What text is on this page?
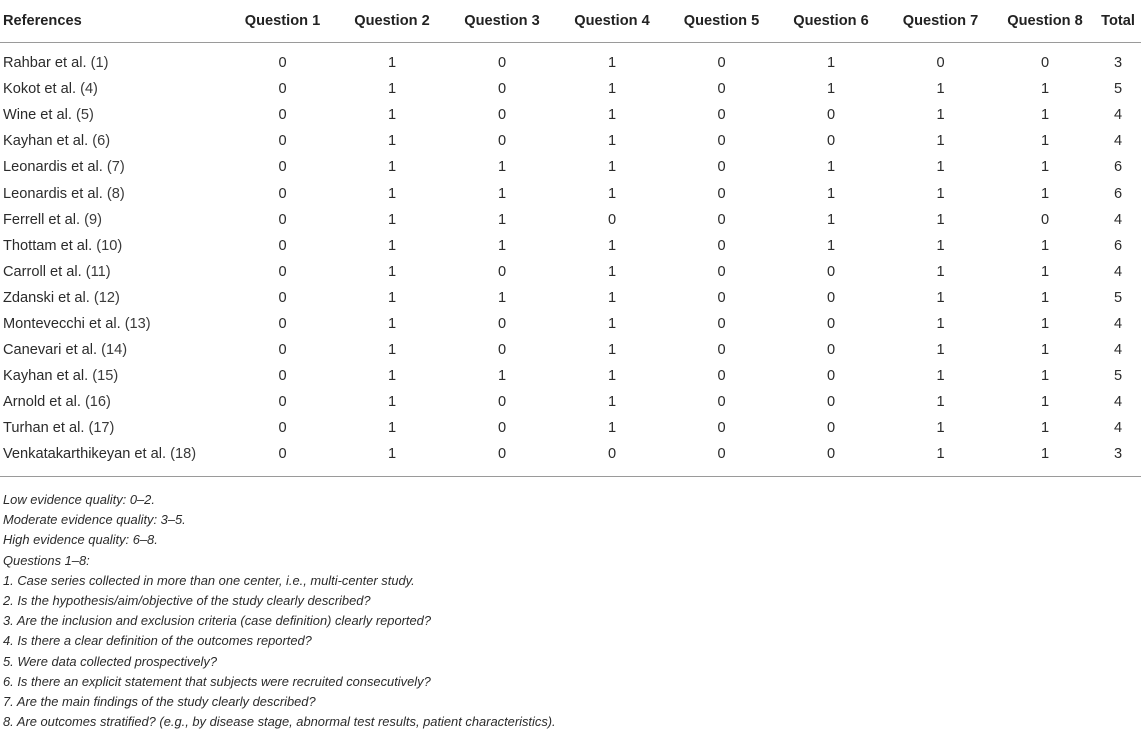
References	Question 1	Question 2	Question 3	Question 4	Question 5	Question 6	Question 7	Question 8	Total
Rahbar et al. (1)	0	1	0	1	0	1	0	0	3
Kokot et al. (4)	0	1	0	1	0	1	1	1	5
Wine et al. (5)	0	1	0	1	0	0	1	1	4
Kayhan et al. (6)	0	1	0	1	0	0	1	1	4
Leonardis et al. (7)	0	1	1	1	0	1	1	1	6
Leonardis et al. (8)	0	1	1	1	0	1	1	1	6
Ferrell et al. (9)	0	1	1	0	0	1	1	0	4
Thottam et al. (10)	0	1	1	1	0	1	1	1	6
Carroll et al. (11)	0	1	0	1	0	0	1	1	4
Zdanski et al. (12)	0	1	1	1	0	0	1	1	5
Montevecchi et al. (13)	0	1	0	1	0	0	1	1	4
Canevari et al. (14)	0	1	0	1	0	0	1	1	4
Kayhan et al. (15)	0	1	1	1	0	0	1	1	5
Arnold et al. (16)	0	1	0	1	0	0	1	1	4
Turhan et al. (17)	0	1	0	1	0	0	1	1	4
Venkatakarthikeyan et al. (18)	0	1	0	0	0	0	1	1	3
Low evidence quality: 0–2.
Moderate evidence quality: 3–5.
High evidence quality: 6–8.
Questions 1–8:
1. Case series collected in more than one center, i.e., multi-center study.
2. Is the hypothesis/aim/objective of the study clearly described?
3. Are the inclusion and exclusion criteria (case definition) clearly reported?
4. Is there a clear definition of the outcomes reported?
5. Were data collected prospectively?
6. Is there an explicit statement that subjects were recruited consecutively?
7. Are the main findings of the study clearly described?
8. Are outcomes stratified? (e.g., by disease stage, abnormal test results, patient characteristics).
